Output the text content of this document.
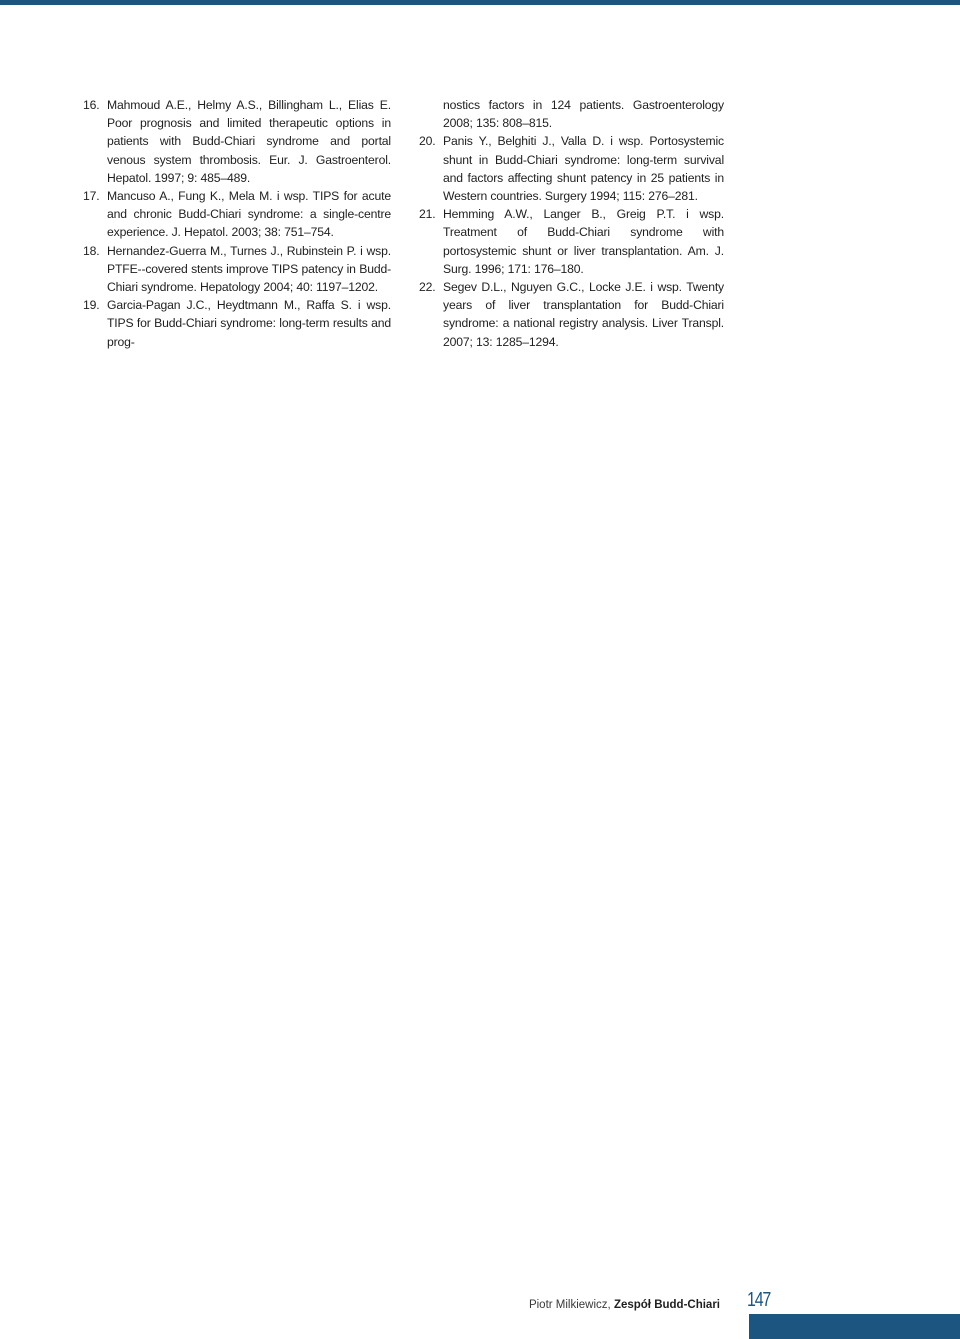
16. Mahmoud A.E., Helmy A.S., Billingham L., Elias E. Poor prognosis and limited therapeutic options in patients with Budd-Chiari syndrome and portal venous system thrombosis. Eur. J. Gastroenterol. Hepatol. 1997; 9: 485–489.
17. Mancuso A., Fung K., Mela M. i wsp. TIPS for acute and chronic Budd-Chiari syndrome: a single-centre experience. J. Hepatol. 2003; 38: 751–754.
18. Hernandez-Guerra M., Turnes J., Rubinstein P. i wsp. PTFE--covered stents improve TIPS patency in Budd-Chiari syndrome. Hepatology 2004; 40: 1197–1202.
19. Garcia-Pagan J.C., Heydtmann M., Raffa S. i wsp. TIPS for Budd-Chiari syndrome: long-term results and prog-
nostics factors in 124 patients. Gastroenterology 2008; 135: 808–815.
20. Panis Y., Belghiti J., Valla D. i wsp. Portosystemic shunt in Budd-Chiari syndrome: long-term survival and factors affecting shunt patency in 25 patients in Western countries. Surgery 1994; 115: 276–281.
21. Hemming A.W., Langer B., Greig P.T. i wsp. Treatment of Budd-Chiari syndrome with portosystemic shunt or liver transplantation. Am. J. Surg. 1996; 171: 176–180.
22. Segev D.L., Nguyen G.C., Locke J.E. i wsp. Twenty years of liver transplantation for Budd-Chiari syndrome: a national registry analysis. Liver Transpl. 2007; 13: 1285–1294.
Piotr Milkiewicz, Zespół Budd-Chiari 147
